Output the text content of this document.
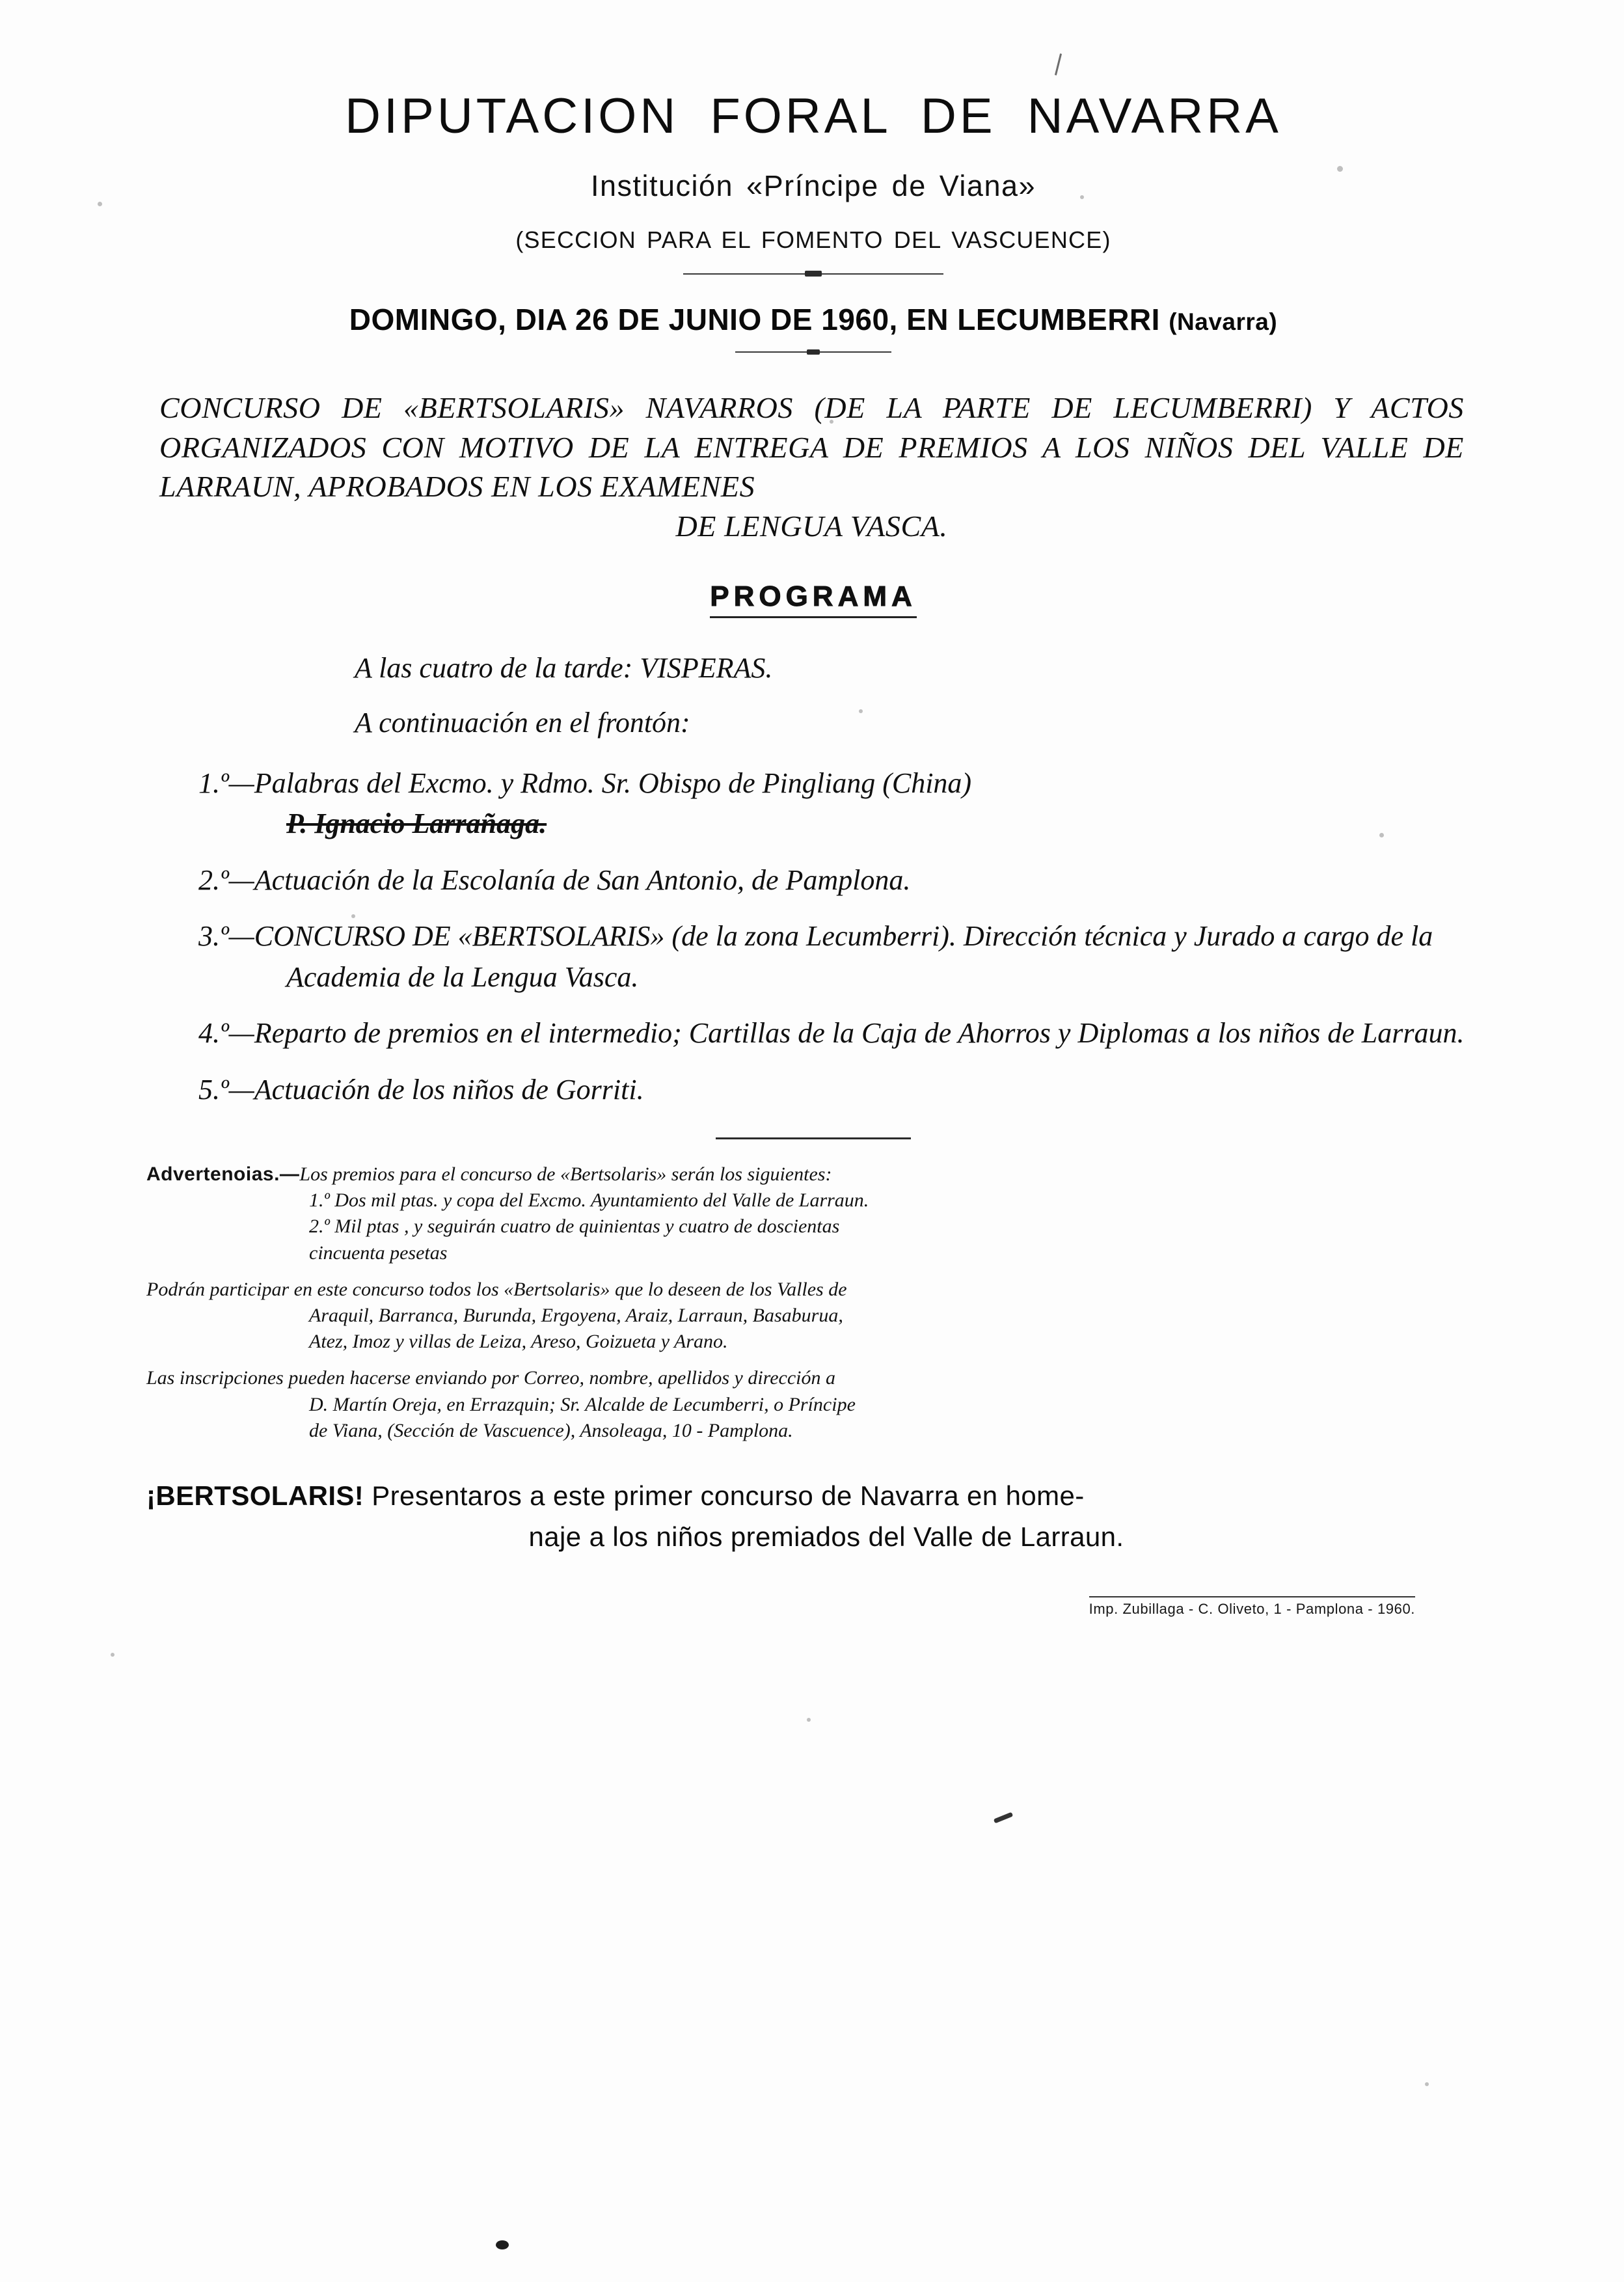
DIPUTACION FORAL DE NAVARRA
Institución «Príncipe de Viana»
(SECCION PARA EL FOMENTO DEL VASCUENCE)
DOMINGO, DIA 26 DE JUNIO DE 1960, EN LECUMBERRI (Navarra)
CONCURSO DE «BERTSOLARIS» NAVARROS (DE LA PARTE DE LECUMBERRI) Y ACTOS ORGANIZADOS CON MOTIVO DE LA ENTREGA DE PREMIOS A LOS NIÑOS DEL VALLE DE LARRAUN, APROBADOS EN LOS EXAMENES
DE LENGUA VASCA.
PROGRAMA
A las cuatro de la tarde: VISPERAS.
A continuación en el frontón:
1.º—Palabras del Excmo. y Rdmo. Sr. Obispo de Pingliang (China)
P. Ignacio Larrañaga.
2.º—Actuación de la Escolanía de San Antonio, de Pamplona.
3.º—CONCURSO DE «BERTSOLARIS» (de la zona Lecumberri). Dirección técnica y Jurado a cargo de la Academia de la Lengua Vasca.
4.º—Reparto de premios en el intermedio; Cartillas de la Caja de Ahorros y Diplomas a los niños de Larraun.
5.º—Actuación de los niños de Gorriti.
Advertenoias.—Los premios para el concurso de «Bertsolaris» serán los siguientes:
1.º Dos mil ptas. y copa del Excmo. Ayuntamiento del Valle de Larraun.
2.º Mil ptas , y seguirán cuatro de quinientas y cuatro de doscientas
cincuenta pesetas
Podrán participar en este concurso todos los «Bertsolaris» que lo deseen de los Valles de
Araquil, Barranca, Burunda, Ergoyena, Araiz, Larraun, Basaburua,
Atez, Imoz y villas de Leiza, Areso, Goizueta y Arano.
Las inscripciones pueden hacerse enviando por Correo, nombre, apellidos y dirección a
D. Martín Oreja, en Errazquin; Sr. Alcalde de Lecumberri, o Príncipe
de Viana, (Sección de Vascuence), Ansoleaga, 10 - Pamplona.
¡BERTSOLARIS! Presentaros a este primer concurso de Navarra en home-
naje a los niños premiados del Valle de Larraun.
Imp. Zubillaga - C. Oliveto, 1 - Pamplona - 1960.
